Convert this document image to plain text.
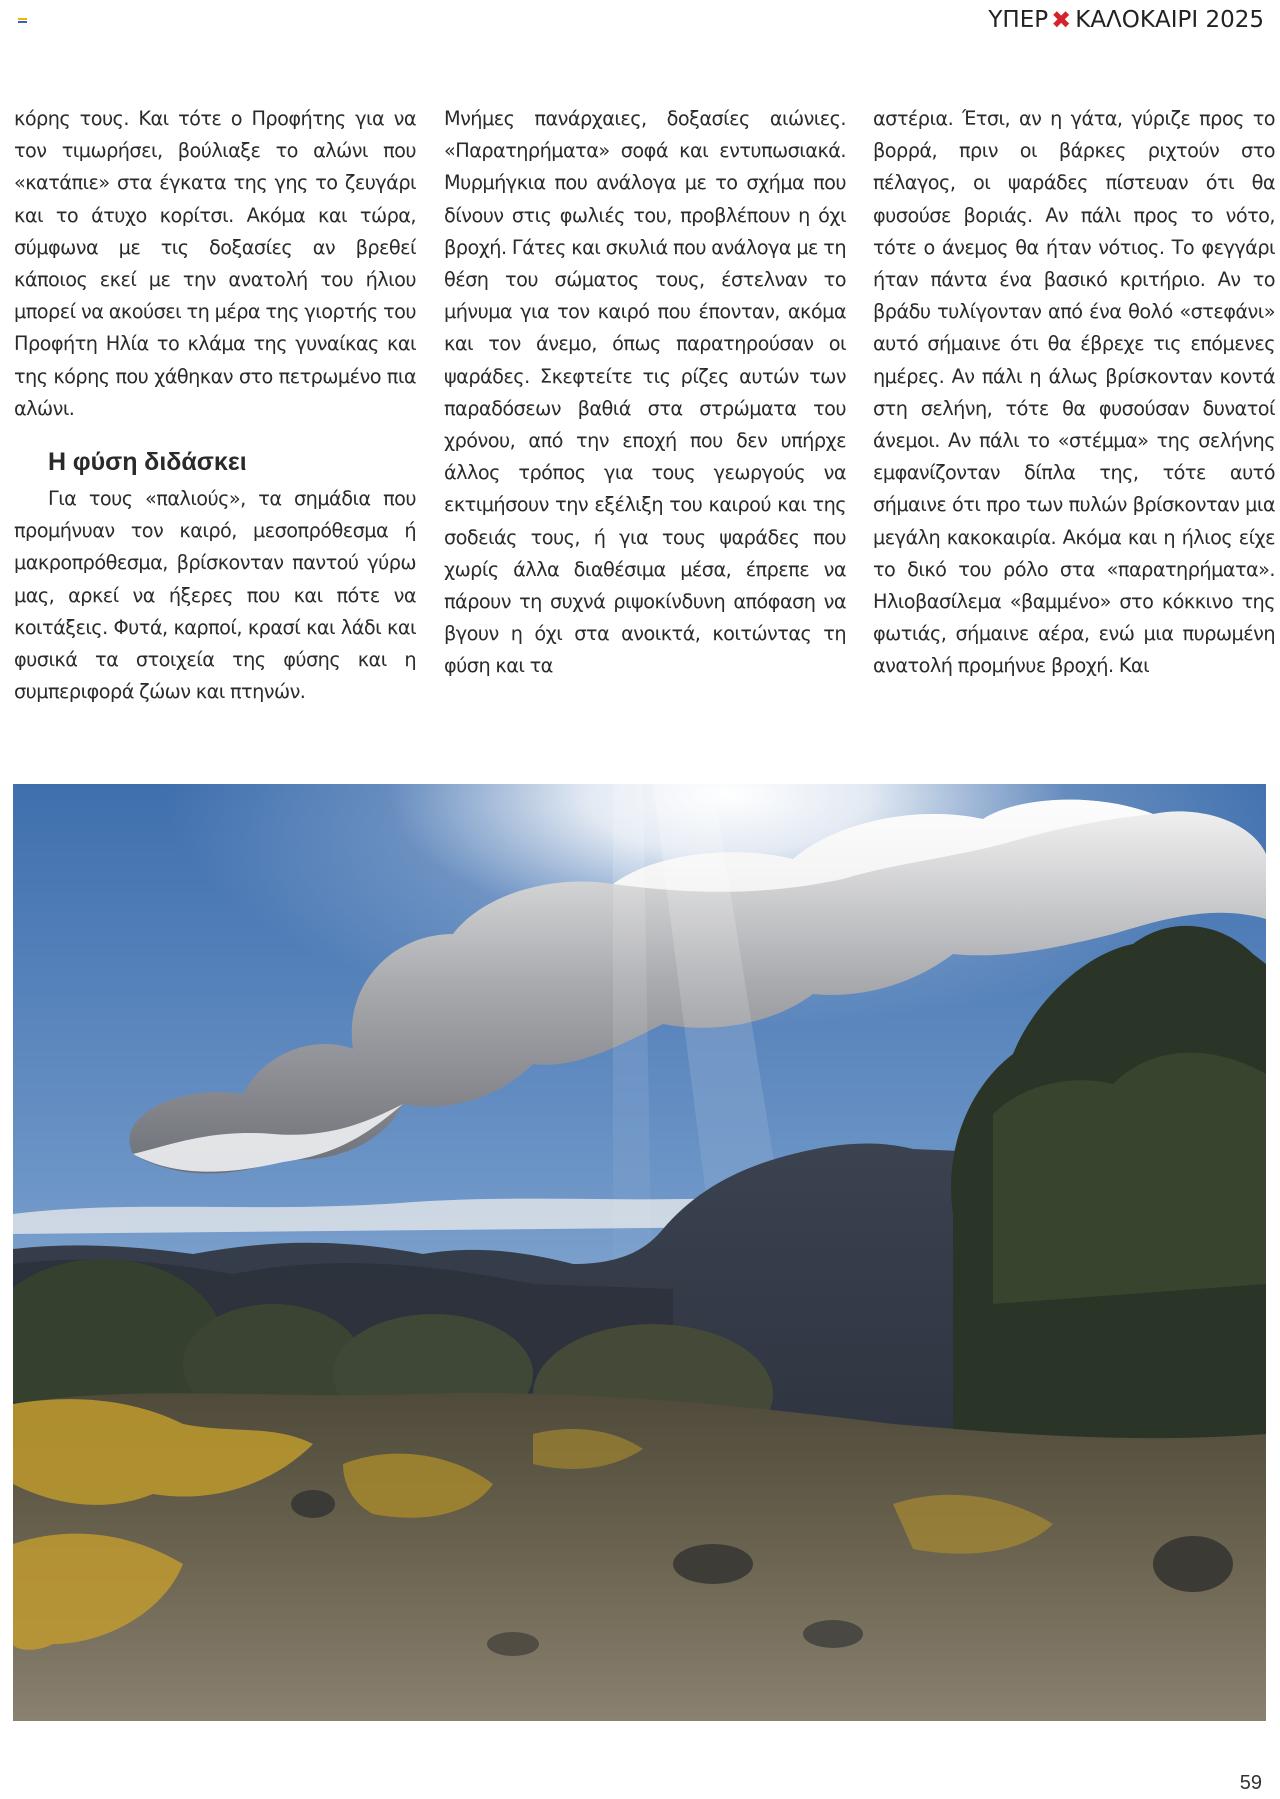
ΥΠΕΡ ✖ ΚΑΛΟΚΑΙΡΙ 2025

κόρης τους. Και τότε ο Προφήτης για να τον τιμωρήσει, βούλιαξε το αλώνι που «κατάπιε» στα έγκατα της γης το ζευγάρι και το άτυχο κορίτσι. Ακόμα και τώρα, σύμφωνα με τις δοξασίες αν βρεθεί κάποιος εκεί με την ανατολή του ήλιου μπορεί να ακούσει τη μέρα της γιορτής του Προφήτη Ηλία το κλάμα της γυναίκας και της κόρης που χάθηκαν στο πετρωμένο πια αλώνι.

Η φύση διδάσκει

Για τους «παλιούς», τα σημάδια που προμήνυαν τον καιρό, μεσοπρόθεσμα ή μακροπρόθεσμα, βρίσκονταν παντού γύρω μας, αρκεί να ήξερες που και πότε να κοιτάξεις. Φυτά, καρποί, κρασί και λάδι και φυσικά τα στοιχεία της φύσης και η συμπεριφορά ζώων και πτηνών.

Μνήμες πανάρχαιες, δοξασίες αιώνιες. «Παρατηρήματα» σοφά και εντυπωσιακά. Μυρμήγκια που ανάλογα με το σχήμα που δίνουν στις φωλιές του, προβλέπουν η όχι βροχή. Γάτες και σκυλιά που ανάλογα με τη θέση του σώματος τους, έστελναν το μήνυμα για τον καιρό που έπονταν, ακόμα και τον άνεμο, όπως παρατηρούσαν οι ψαράδες. Σκεφτείτε τις ρίζες αυτών των παραδόσεων βαθιά στα στρώματα του χρόνου, από την εποχή που δεν υπήρχε άλλος τρόπος για τους γεωργούς να εκτιμήσουν την εξέλιξη του καιρού και της σοδειάς τους, ή για τους ψαράδες που χωρίς άλλα διαθέσιμα μέσα, έπρεπε να πάρουν τη συχνά ριψοκίνδυνη απόφαση να βγουν η όχι στα ανοικτά, κοιτώντας τη φύση και τα

αστέρια. Έτσι, αν η γάτα, γύριζε προς το βορρά, πριν οι βάρκες ριχτούν στο πέλαγος, οι ψαράδες πίστευαν ότι θα φυσούσε βοριάς. Αν πάλι προς το νότο, τότε ο άνεμος θα ήταν νότιος. Το φεγγάρι ήταν πάντα ένα βασικό κριτήριο. Αν το βράδυ τυλίγονταν από ένα θολό «στεφάνι» αυτό σήμαινε ότι θα έβρεχε τις επόμενες ημέρες. Αν πάλι η άλως βρίσκονταν κοντά στη σελήνη, τότε θα φυσούσαν δυνατοί άνεμοι. Αν πάλι το «στέμμα» της σελήνης εμφανίζονταν δίπλα της, τότε αυτό σήμαινε ότι προ των πυλών βρίσκονταν μια μεγάλη κακοκαιρία. Ακόμα και η ήλιος είχε το δικό του ρόλο στα «παρατηρήματα». Ηλιοβασίλεμα «βαμμένο» στο κόκκινο της φωτιάς, σήμαινε αέρα, ενώ μια πυρωμένη ανατολή προμήνυε βροχή. Και

59
